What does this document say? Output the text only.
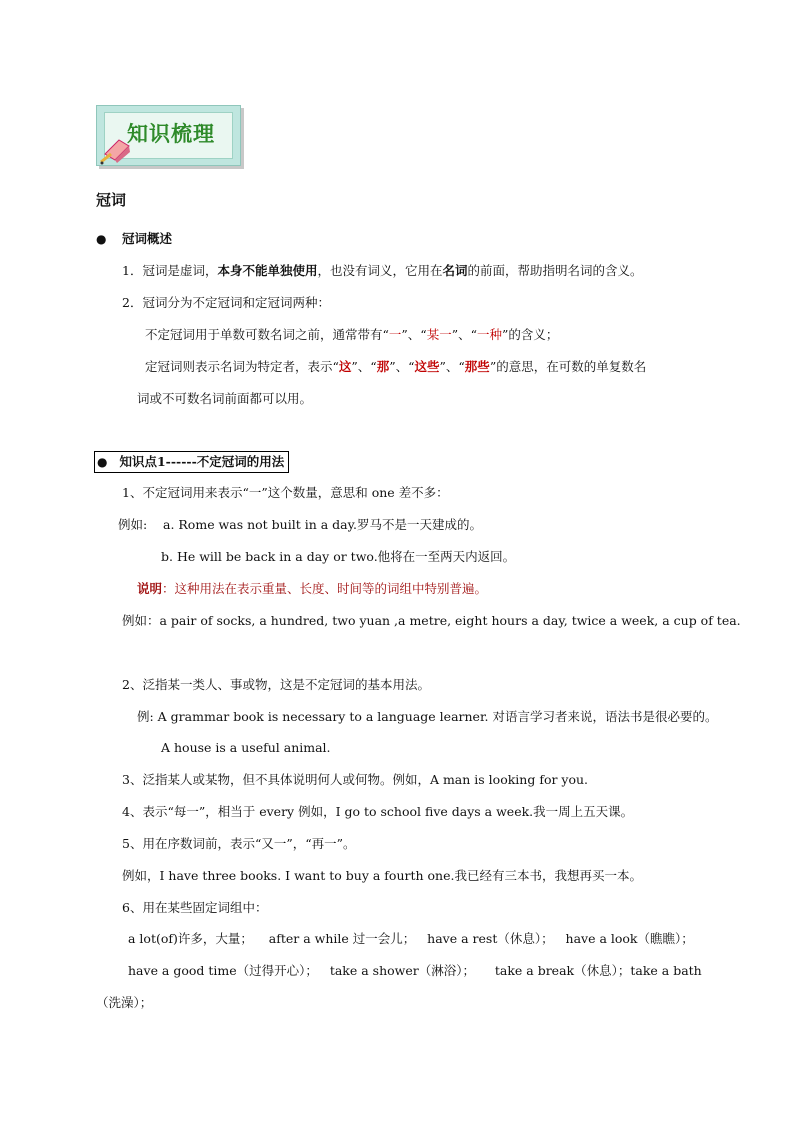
知识梳理
冠词
● 冠词概述
1．冠词是虚词，本身不能单独使用，也没有词义，它用在名词的前面，帮助指明名词的含义。
2．冠词分为不定冠词和定冠词两种：
不定冠词用于单数可数名词之前，通常带有“一”、“某一”、“一种”的含义；
定冠词则表示名词为特定者，表示“这”、“那”、“这些”、“那些”的意思，在可数的单复数名
词或不可数名词前面都可以用。
● 知识点1------不定冠词的用法
1、不定冠词用来表示“一”这个数量，意思和 one 差不多：
例如: a. Rome was not built in a day.罗马不是一天建成的。
b. He will be back in a day or two.他将在一至两天内返回。
说明：这种用法在表示重量、长度、时间等的词组中特别普遍。
例如：a pair of socks, a hundred, two yuan ,a metre, eight hours a day, twice a week, a cup of tea.
2、泛指某一类人、事或物，这是不定冠词的基本用法。
例: A grammar book is necessary to a language learner. 对语言学习者来说，语法书是很必要的。
A house is a useful animal.
3、泛指某人或某物，但不具体说明何人或何物。例如，A man is looking for you.
4、表示“每一”，相当于 every 例如，I go to school five days a week.我一周上五天课。
5、用在序数词前，表示“又一”，“再一”。
例如，I have three books. I want to buy a fourth one.我已经有三本书，我想再买一本。
6、用在某些固定词组中：
a lot(of)许多，大量；    after a while 过一会儿；   have a rest（休息）；   have a look（瞧瞧）；
have a good time（过得开心）；   take a shower（淋浴）；     take a break（休息）；take a bath
（洗澡）；
